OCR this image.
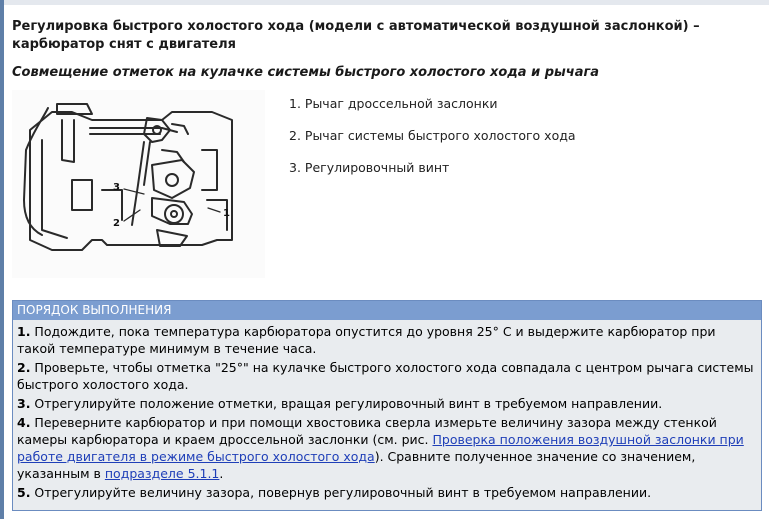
Регулировка быстрого холостого хода (модели с автоматической воздушной заслонкой) – карбюратор снят с двигателя
Совмещение отметок на кулачке системы быстрого холостого хода и рычага
3
2
1
1. Рычаг дроссельной заслонки
2. Рычаг системы быстрого холостого хода
3. Регулировочный винт
ПОРЯДОК ВЫПОЛНЕНИЯ
1. Подождите, пока температура карбюратора опустится до уровня 25° С и выдержите карбюратор при такой температуре минимум в течение часа.
2. Проверьте, чтобы отметка "25°" на кулачке быстрого холостого хода совпадала с центром рычага системы быстрого холостого хода.
3. Отрегулируйте положение отметки, вращая регулировочный винт в требуемом направлении.
4. Переверните карбюратор и при помощи хвостовика сверла измерьте величину зазора между стенкой камеры карбюратора и краем дроссельной заслонки (см. рис. Проверка положения воздушной заслонки при работе двигателя в режиме быстрого холостого хода). Сравните полученное значение со значением, указанным в подразделе 5.1.1.
5. Отрегулируйте величину зазора, повернув регулировочный винт в требуемом направлении.
